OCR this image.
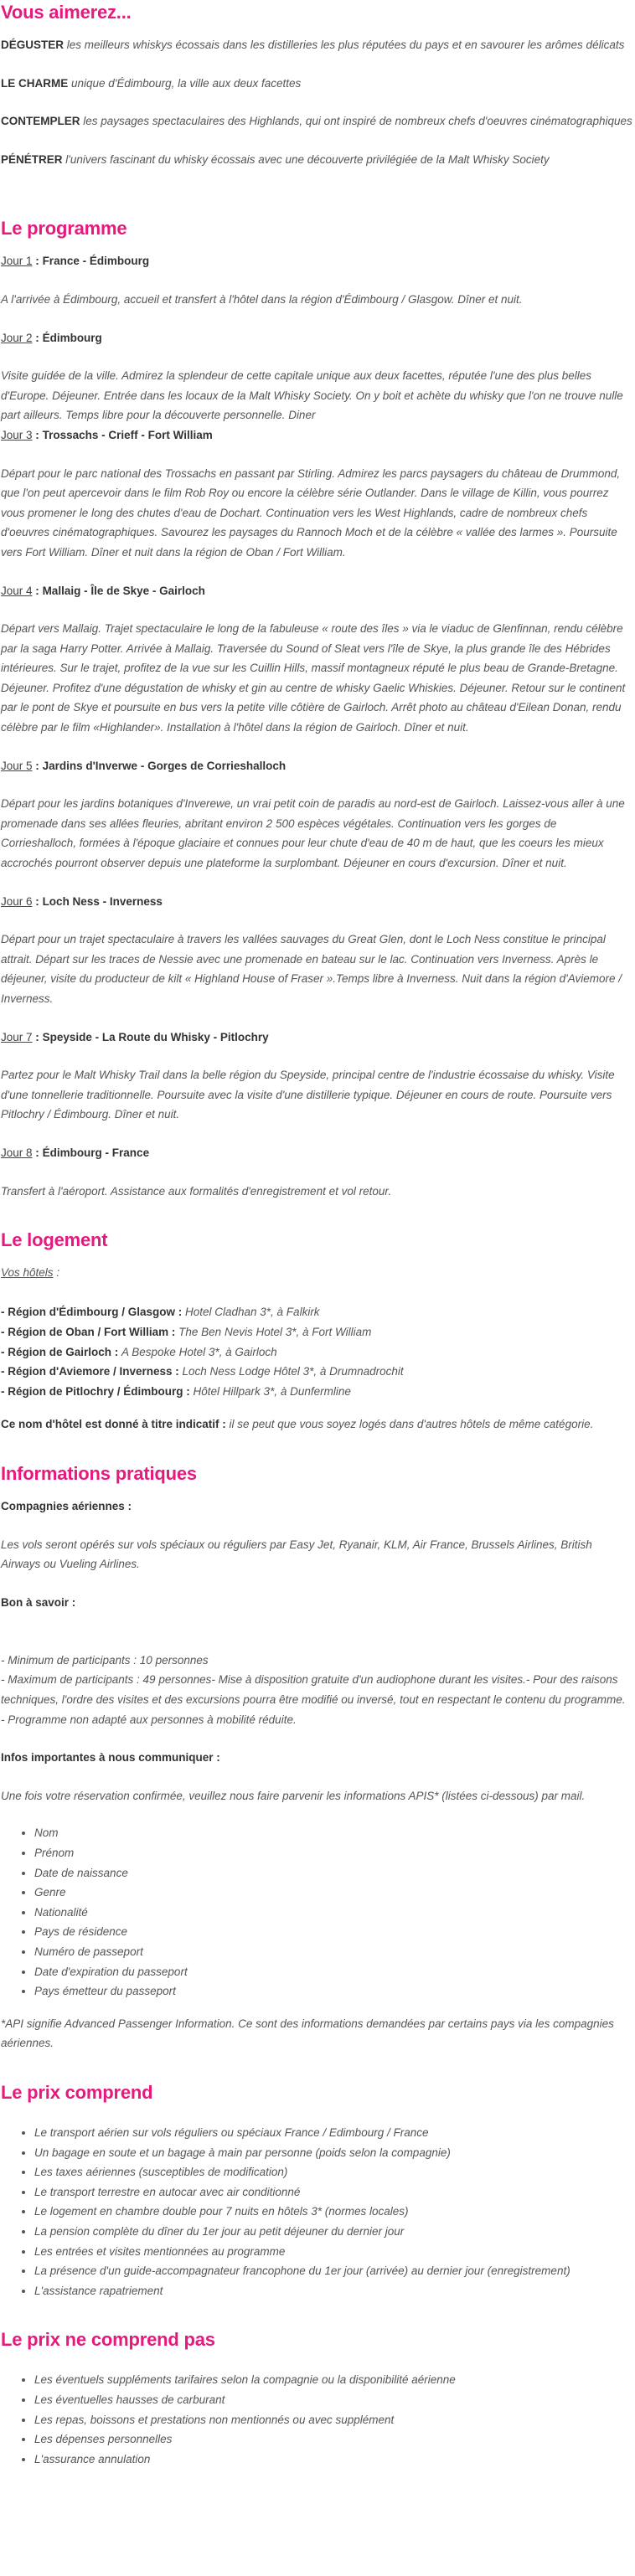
Vous aimerez...

DÉGUSTER les meilleurs whiskys écossais dans les distilleries les plus réputées du pays et en savourer les arômes délicats

LE CHARME unique d'Édimbourg, la ville aux deux facettes

CONTEMPLER les paysages spectaculaires des Highlands, qui ont inspiré de nombreux chefs d'oeuvres cinématographiques

PÉNÉTRER l'univers fascinant du whisky écossais avec une découverte privilégiée de la Malt Whisky Society

Le programme

Jour 1 : France - Édimbourg

A l'arrivée à Édimbourg, accueil et transfert à l'hôtel dans la région d'Édimbourg / Glasgow. Dîner et nuit.

Jour 2 : Édimbourg

Visite guidée de la ville. Admirez la splendeur de cette capitale unique aux deux facettes, réputée l'une des plus belles d'Europe. Déjeuner. Entrée dans les locaux de la Malt Whisky Society. On y boit et achète du whisky que l'on ne trouve nulle part ailleurs. Temps libre pour la découverte personnelle. Diner

Jour 3 : Trossachs - Crieff - Fort William

Départ pour le parc national des Trossachs en passant par Stirling. Admirez les parcs paysagers du château de Drummond, que l'on peut apercevoir dans le film Rob Roy ou encore la célèbre série Outlander. Dans le village de Killin, vous pourrez vous promener le long des chutes d'eau de Dochart. Continuation vers les West Highlands, cadre de nombreux chefs d'oeuvres cinématographiques. Savourez les paysages du Rannoch Moch et de la célèbre « vallée des larmes ». Poursuite vers Fort William. Dîner et nuit dans la région de Oban / Fort William.

Jour 4 : Mallaig - Île de Skye - Gairloch

Départ vers Mallaig. Trajet spectaculaire le long de la fabuleuse « route des îles » via le viaduc de Glenfinnan, rendu célèbre par la saga Harry Potter. Arrivée à Mallaig. Traversée du Sound of Sleat vers l'île de Skye, la plus grande île des Hébrides intérieures. Sur le trajet, profitez de la vue sur les Cuillin Hills, massif montagneux réputé le plus beau de Grande-Bretagne. Déjeuner. Profitez d'une dégustation de whisky et gin au centre de whisky Gaelic Whiskies. Déjeuner. Retour sur le continent par le pont de Skye et poursuite en bus vers la petite ville côtière de Gairloch. Arrêt photo au château d'Eilean Donan, rendu célèbre par le film «Highlander». Installation à l'hôtel dans la région de Gairloch. Dîner et nuit.

Jour 5 : Jardins d'Inverwe - Gorges de Corrieshalloch

Départ pour les jardins botaniques d'Inverewe, un vrai petit coin de paradis au nord-est de Gairloch. Laissez-vous aller à une promenade dans ses allées fleuries, abritant environ 2 500 espèces végétales. Continuation vers les gorges de Corrieshalloch, formées à l'époque glaciaire et connues pour leur chute d'eau de 40 m de haut, que les coeurs les mieux accrochés pourront observer depuis une plateforme la surplombant. Déjeuner en cours d'excursion. Dîner et nuit.

Jour 6 : Loch Ness - Inverness

Départ pour un trajet spectaculaire à travers les vallées sauvages du Great Glen, dont le Loch Ness constitue le principal attrait. Départ sur les traces de Nessie avec une promenade en bateau sur le lac. Continuation vers Inverness. Après le déjeuner, visite du producteur de kilt « Highland House of Fraser ».Temps libre à Inverness. Nuit dans la région d'Aviemore / Inverness.

Jour 7 : Speyside - La Route du Whisky - Pitlochry

Partez pour le Malt Whisky Trail dans la belle région du Speyside, principal centre de l'industrie écossaise du whisky. Visite d'une tonnellerie traditionnelle. Poursuite avec la visite d'une distillerie typique. Déjeuner en cours de route. Poursuite vers Pitlochry / Édimbourg. Dîner et nuit.

Jour 8 : Édimbourg - France

Transfert à l'aéroport. Assistance aux formalités d'enregistrement et vol retour.

Le logement

Vos hôtels :

- Région d'Édimbourg / Glasgow : Hotel Cladhan 3*, à Falkirk
- Région de Oban / Fort William : The Ben Nevis Hotel 3*, à Fort William
- Région de Gairloch : A Bespoke Hotel 3*, à Gairloch
- Région d'Aviemore / Inverness : Loch Ness Lodge Hôtel 3*, à Drumnadrochit
- Région de Pitlochry / Édimbourg : Hôtel Hillpark 3*, à Dunfermline

Ce nom d'hôtel est donné à titre indicatif : il se peut que vous soyez logés dans d'autres hôtels de même catégorie.

Informations pratiques

Compagnies aériennes :

Les vols seront opérés sur vols spéciaux ou réguliers par Easy Jet, Ryanair, KLM, Air France, Brussels Airlines, British Airways ou Vueling Airlines.

Bon à savoir :

- Minimum de participants : 10 personnes
- Maximum de participants : 49 personnes- Mise à disposition gratuite d'un audiophone durant les visites.- Pour des raisons techniques, l'ordre des visites et des excursions pourra être modifié ou inversé, tout en respectant le contenu du programme.
- Programme non adapté aux personnes à mobilité réduite.

Infos importantes à nous communiquer :

Une fois votre réservation confirmée, veuillez nous faire parvenir les informations APIS* (listées ci-dessous) par mail.

• Nom
• Prénom
• Date de naissance
• Genre
• Nationalité
• Pays de résidence
• Numéro de passeport
• Date d'expiration du passeport
• Pays émetteur du passeport

*API signifie Advanced Passenger Information. Ce sont des informations demandées par certains pays via les compagnies aériennes.

Le prix comprend
• Le transport aérien sur vols réguliers ou spéciaux France / Edimbourg / France
• Un bagage en soute et un bagage à main par personne (poids selon la compagnie)
• Les taxes aériennes (susceptibles de modification)
• Le transport terrestre en autocar avec air conditionné
• Le logement en chambre double pour 7 nuits en hôtels 3* (normes locales)
• La pension complète du dîner du 1er jour au petit déjeuner du dernier jour
• Les entrées et visites mentionnées au programme
• La présence d'un guide-accompagnateur francophone du 1er jour (arrivée) au dernier jour (enregistrement)
• L'assistance rapatriement
Le prix ne comprend pas
• Les éventuels suppléments tarifaires selon la compagnie ou la disponibilité aérienne
• Les éventuelles hausses de carburant
• Les repas, boissons et prestations non mentionnés ou avec supplément
• Les dépenses personnelles
• L'assurance annulation
